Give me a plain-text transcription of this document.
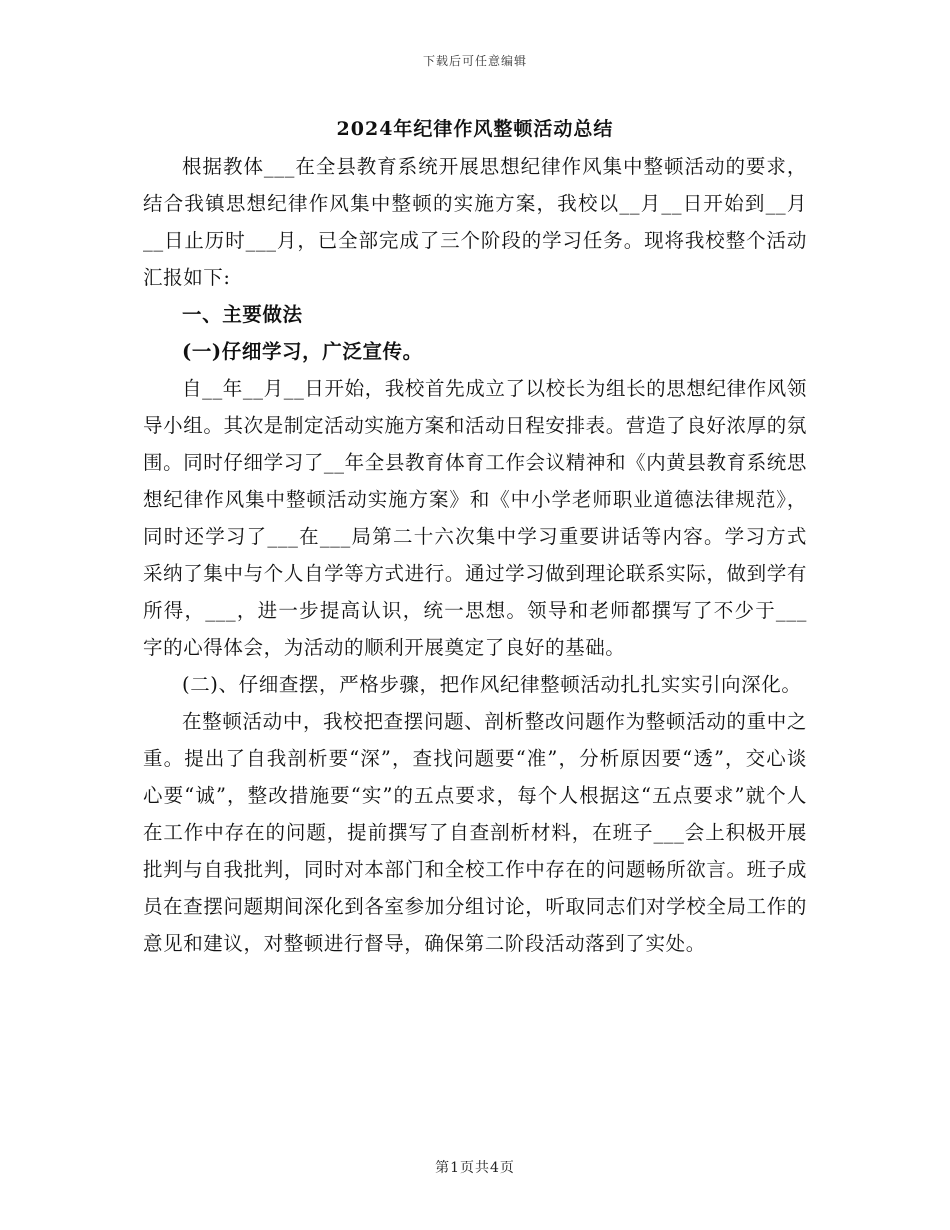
下载后可任意编辑
2024年纪律作风整顿活动总结

根据教体___在全县教育系统开展思想纪律作风集中整顿活动的要求，结合我镇思想纪律作风集中整顿的实施方案，我校以__月__日开始到__月__日止历时___月，已全部完成了三个阶段的学习任务。现将我校整个活动汇报如下:

一、主要做法

(一)仔细学习，广泛宣传。

自__年__月__日开始，我校首先成立了以校长为组长的思想纪律作风领导小组。其次是制定活动实施方案和活动日程安排表。营造了良好浓厚的氛围。同时仔细学习了__年全县教育体育工作会议精神和《内黄县教育系统思想纪律作风集中整顿活动实施方案》和《中小学老师职业道德法律规范》，同时还学习了___在___局第二十六次集中学习重要讲话等内容。学习方式采纳了集中与个人自学等方式进行。通过学习做到理论联系实际，做到学有所得，___，进一步提高认识，统一思想。领导和老师都撰写了不少于___字的心得体会，为活动的顺利开展奠定了良好的基础。

(二)、仔细查摆，严格步骤，把作风纪律整顿活动扎扎实实引向深化。

在整顿活动中，我校把查摆问题、剖析整改问题作为整顿活动的重中之重。提出了自我剖析要“深”，查找问题要“准”，分析原因要“透”，交心谈心要“诚”，整改措施要“实”的五点要求，每个人根据这“五点要求”就个人在工作中存在的问题，提前撰写了自查剖析材料，在班子___会上积极开展批判与自我批判，同时对本部门和全校工作中存在的问题畅所欲言。班子成员在查摆问题期间深化到各室参加分组讨论，听取同志们对学校全局工作的意见和建议，对整顿进行督导，确保第二阶段活动落到了实处。

第1页共4页
